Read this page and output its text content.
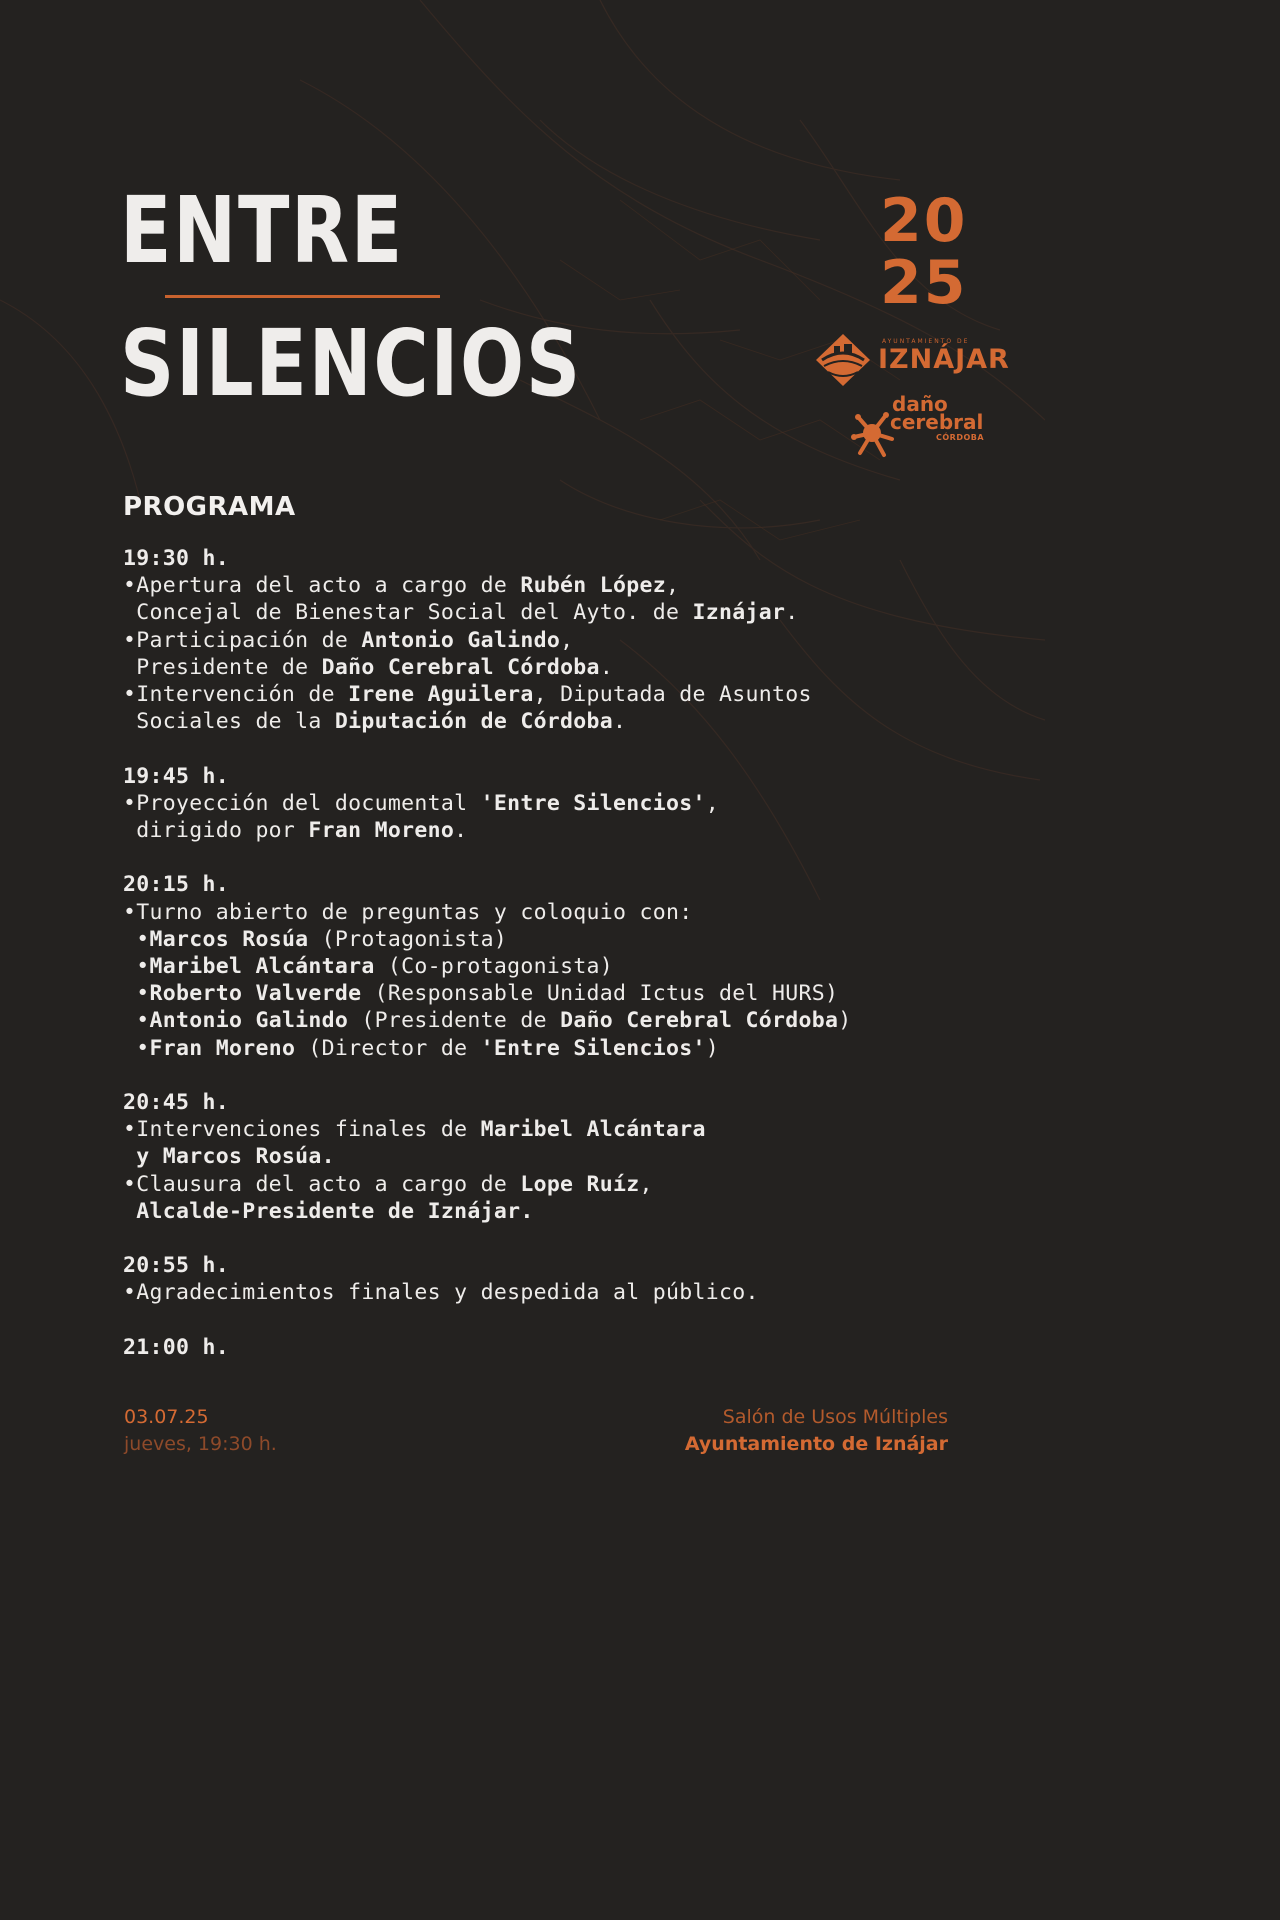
ENTRE
SILENCIOS
20
25
AYUNTAMIENTO DE
IZNÁJAR
daño
cerebral
CÓRDOBA
PROGRAMA
19:30 h.
•Apertura del acto a cargo de Rubén López,
Concejal de Bienestar Social del Ayto. de Iznájar.
•Participación de Antonio Galindo,
Presidente de Daño Cerebral Córdoba.
•Intervención de Irene Aguilera, Diputada de Asuntos
Sociales de la Diputación de Córdoba.
19:45 h.
•Proyección del documental 'Entre Silencios',
dirigido por Fran Moreno.
20:15 h.
•Turno abierto de preguntas y coloquio con:
•Marcos Rosúa (Protagonista)
•Maribel Alcántara (Co-protagonista)
•Roberto Valverde (Responsable Unidad Ictus del HURS)
•Antonio Galindo (Presidente de Daño Cerebral Córdoba)
•Fran Moreno (Director de 'Entre Silencios')
20:45 h.
•Intervenciones finales de Maribel Alcántara
y Marcos Rosúa.
•Clausura del acto a cargo de Lope Ruíz,
Alcalde-Presidente de Iznájar.
20:55 h.
•Agradecimientos finales y despedida al público.
21:00 h.
03.07.25
jueves, 19:30 h.
Salón de Usos Múltiples
Ayuntamiento de Iznájar
